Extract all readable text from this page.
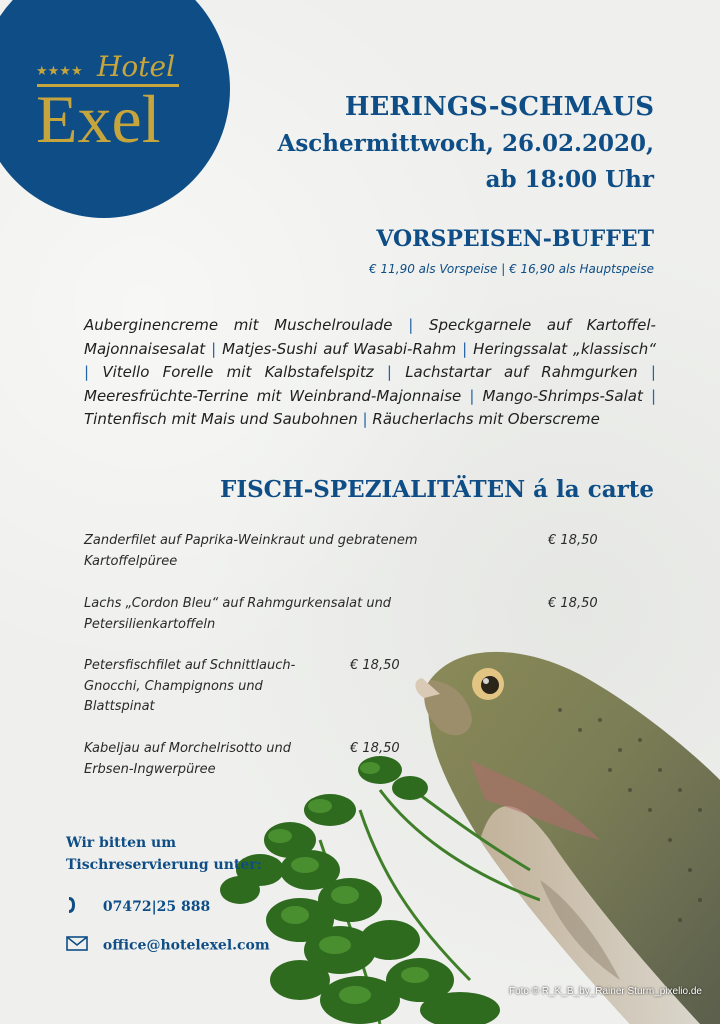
★★★★ Hotel
Exel	HERINGS-SCHMAUS
Aschermittwoch, 26.02.2020,
ab 18:00 Uhr
VORSPEISEN-BUFFET
€ 11,90 als Vorspeise | € 16,90 als Hauptspeise
Auberginencreme mit Muschelroulade | Speckgarnele auf Kartoffel-Majonnaisesalat | Matjes-Sushi auf Wasabi-Rahm | Heringssalat „klassisch“ | Vitello Forelle mit Kalbstafelspitz | Lachstartar auf Rahmgurken | Meeresfrüchte-Terrine mit Weinbrand-Majonnaise | Mango-Shrimps-Salat | Tintenfisch mit Mais und Saubohnen | Räucherlachs mit Oberscreme
FISCH-SPEZIALITÄTEN á la carte
Zanderfilet auf Paprika-Weinkraut und gebratenem
Kartoffelpüree
€ 18,50
Lachs „Cordon Bleu“ auf Rahmgurkensalat und
Petersilienkartoffeln
€ 18,50
Petersfischfilet auf Schnittlauch-
Gnocchi, Champignons und
Blattspinat
€ 18,50
Kabeljau auf Morchelrisotto und
Erbsen-Ingwerpüree
€ 18,50
Wir bitten um
Tischreservierung unter:
07472|25 888
office@hotelexel.com
Foto © R_K_B_by_Rainer Sturm_pixelio.de
